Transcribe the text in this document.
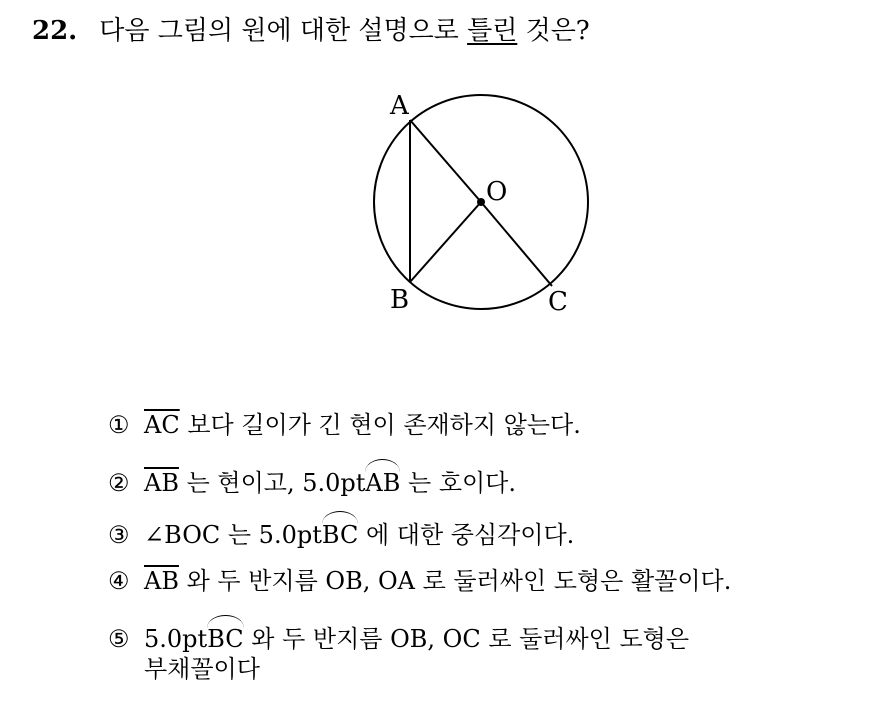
22. 다음 그림의 원에 대한 설명으로 틀린 것은?
A
O
B	C
① $\overline{AC}$ 보다 길이가 긴 현이 존재하지 않는다.
② $\overline{AB}$ 는 현이고, 5.0ptAB 는 호이다.
③ ∠BOC 는 5.0ptBC 에 대한 중심각이다.
④ $\overline{AB}$ 와 두 반지름 OB, OA 로 둘러싸인 도형은 활꼴이다.
⑤ 5.0ptBC 와 두 반지름 OB, OC 로 둘러싸인 도형은
부채꼴이다
